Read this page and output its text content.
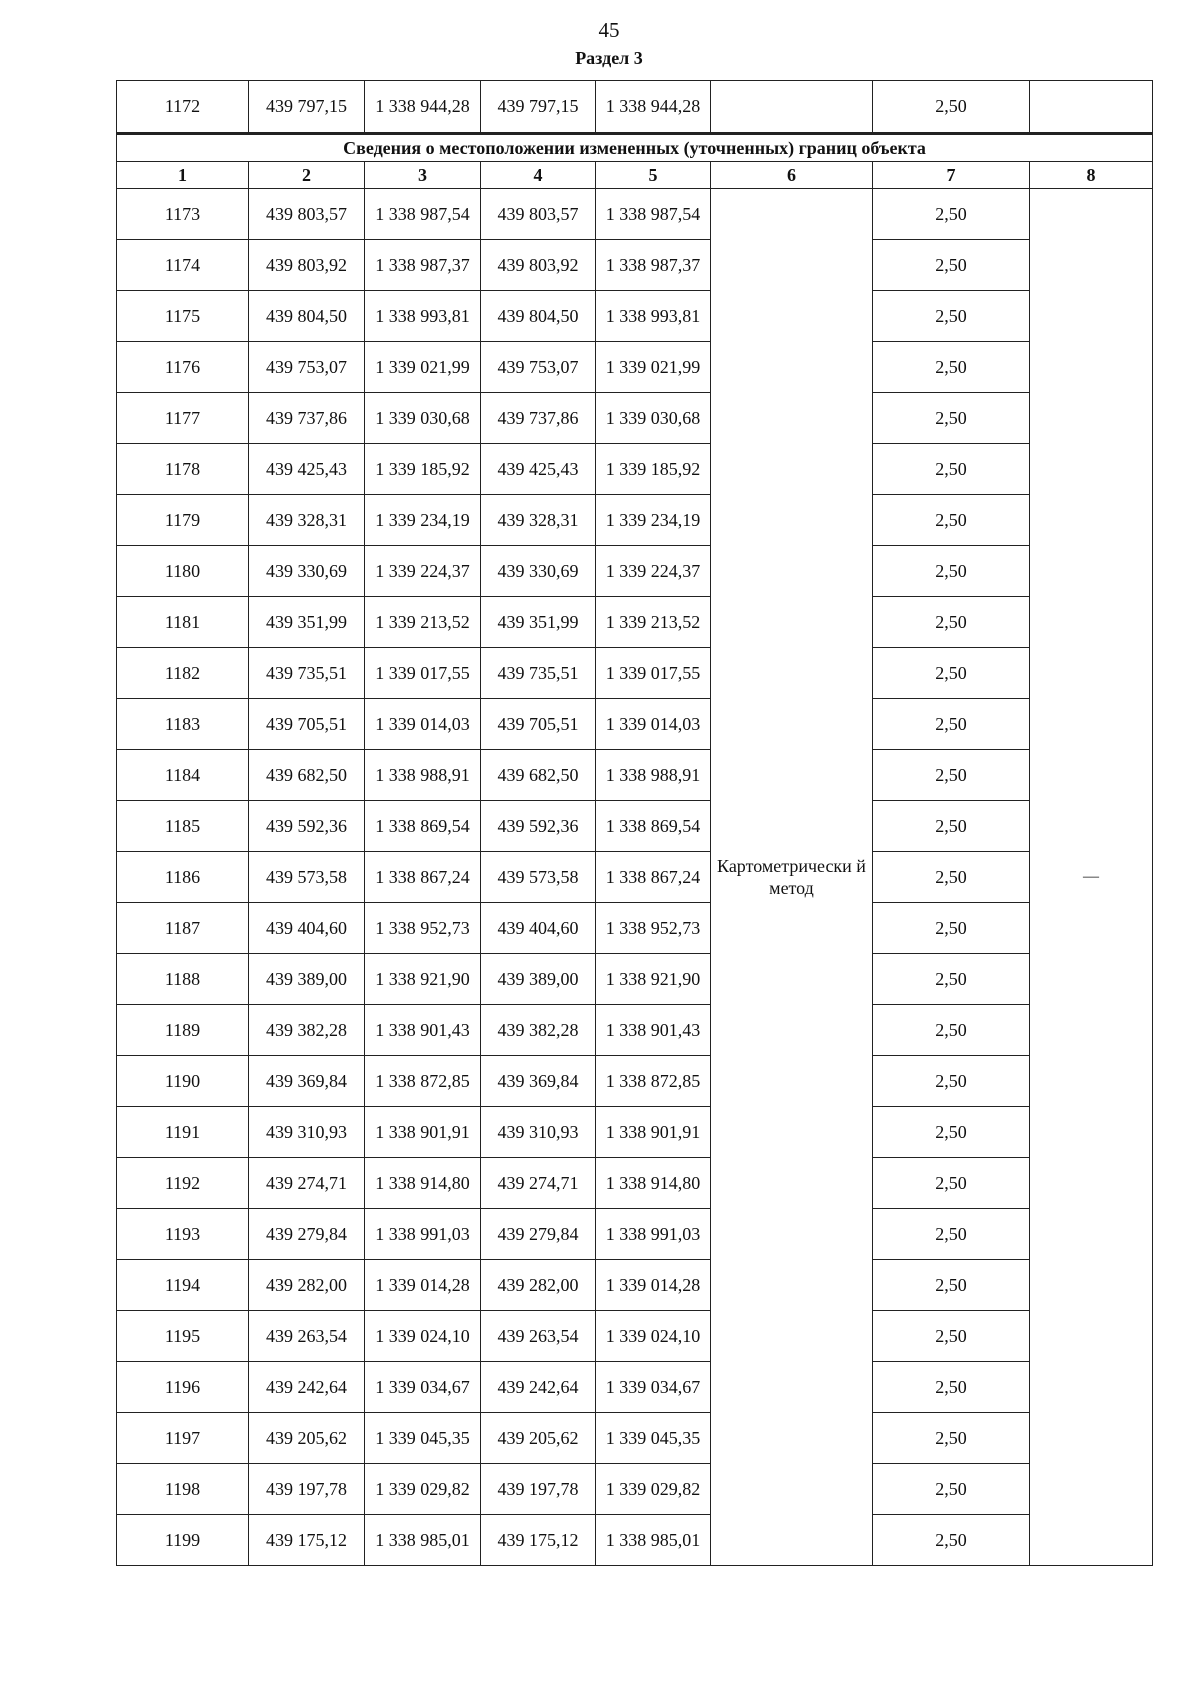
45
Раздел 3
1172	439 797,15	1 338 944,28	439 797,15	1 338 944,28		2,50	
Сведения о местоположении измененных (уточненных) границ объекта							
1	2	3	4	5	6	7	8
1173	439 803,57	1 338 987,54	439 803,57	1 338 987,54	Картометрически й метод	2,50	—
1174	439 803,92	1 338 987,37	439 803,92	1 338 987,37		2,50	
1175	439 804,50	1 338 993,81	439 804,50	1 338 993,81		2,50	
1176	439 753,07	1 339 021,99	439 753,07	1 339 021,99		2,50	
1177	439 737,86	1 339 030,68	439 737,86	1 339 030,68		2,50	
1178	439 425,43	1 339 185,92	439 425,43	1 339 185,92		2,50	
1179	439 328,31	1 339 234,19	439 328,31	1 339 234,19		2,50	
1180	439 330,69	1 339 224,37	439 330,69	1 339 224,37		2,50	
1181	439 351,99	1 339 213,52	439 351,99	1 339 213,52		2,50	
1182	439 735,51	1 339 017,55	439 735,51	1 339 017,55		2,50	
1183	439 705,51	1 339 014,03	439 705,51	1 339 014,03		2,50	
1184	439 682,50	1 338 988,91	439 682,50	1 338 988,91		2,50	
1185	439 592,36	1 338 869,54	439 592,36	1 338 869,54		2,50	
1186	439 573,58	1 338 867,24	439 573,58	1 338 867,24		2,50	
1187	439 404,60	1 338 952,73	439 404,60	1 338 952,73		2,50	
1188	439 389,00	1 338 921,90	439 389,00	1 338 921,90		2,50	
1189	439 382,28	1 338 901,43	439 382,28	1 338 901,43		2,50	
1190	439 369,84	1 338 872,85	439 369,84	1 338 872,85		2,50	
1191	439 310,93	1 338 901,91	439 310,93	1 338 901,91		2,50	
1192	439 274,71	1 338 914,80	439 274,71	1 338 914,80		2,50	
1193	439 279,84	1 338 991,03	439 279,84	1 338 991,03		2,50	
1194	439 282,00	1 339 014,28	439 282,00	1 339 014,28		2,50	
1195	439 263,54	1 339 024,10	439 263,54	1 339 024,10		2,50	
1196	439 242,64	1 339 034,67	439 242,64	1 339 034,67		2,50	
1197	439 205,62	1 339 045,35	439 205,62	1 339 045,35		2,50	
1198	439 197,78	1 339 029,82	439 197,78	1 339 029,82		2,50	
1199	439 175,12	1 338 985,01	439 175,12	1 338 985,01		2,50	
